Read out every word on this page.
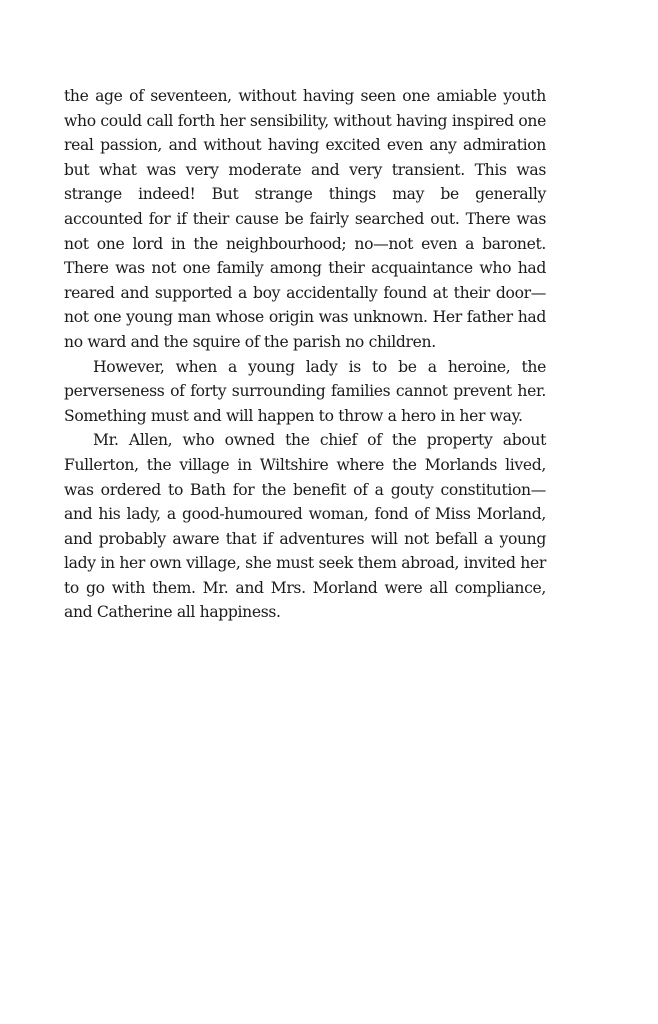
the age of seventeen, without having seen one amiable youth who could call forth her sensibility, without having inspired one real passion, and without having excited even any admiration but what was very moderate and very transient. This was strange indeed! But strange things may be generally accounted for if their cause be fairly searched out. There was not one lord in the neighbourhood; no—not even a baronet. There was not one family among their acquaintance who had reared and supported a boy accidentally found at their door—not one young man whose origin was unknown. Her father had no ward and the squire of the parish no children.

However, when a young lady is to be a heroine, the perverseness of forty surrounding families cannot prevent her. Something must and will happen to throw a hero in her way.

Mr. Allen, who owned the chief of the property about Fullerton, the village in Wiltshire where the Morlands lived, was ordered to Bath for the benefit of a gouty constitution—and his lady, a good-humoured woman, fond of Miss Morland, and probably aware that if adventures will not befall a young lady in her own village, she must seek them abroad, invited her to go with them. Mr. and Mrs. Morland were all compliance, and Catherine all happiness.
